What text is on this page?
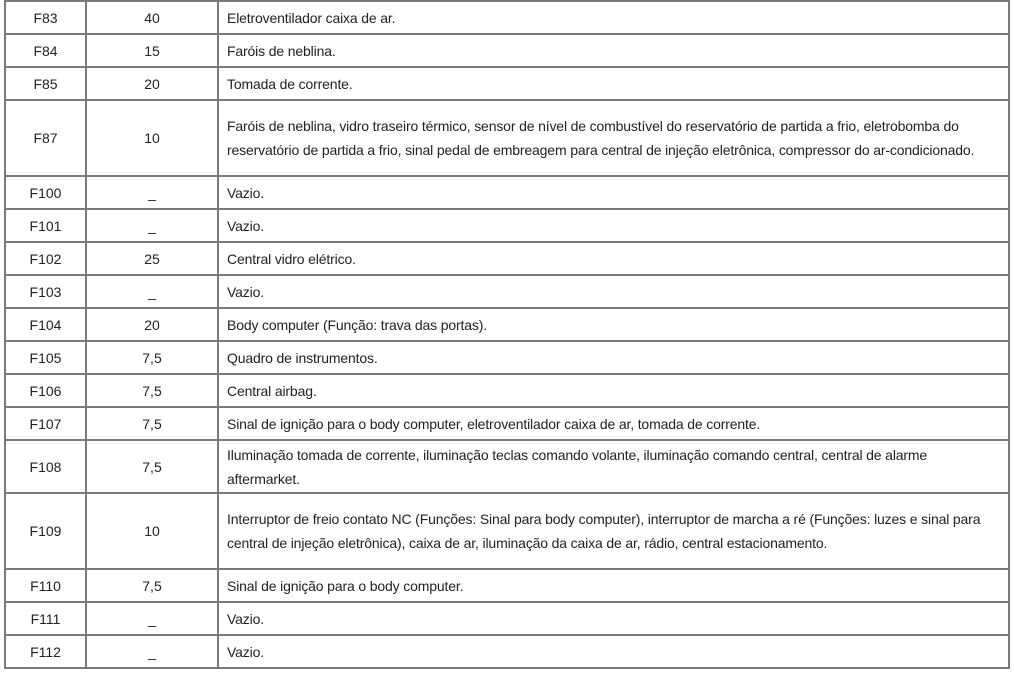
F83	40	Eletroventilador caixa de ar.
F84	15	Faróis de neblina.
F85	20	Tomada de corrente.
F87	10	Faróis de neblina, vidro traseiro térmico, sensor de nível de combustível do reservatório de partida a frio, eletrobomba do reservatório de partida a frio, sinal pedal de embreagem para central de injeção eletrônica, compressor do ar-condicionado.
F100	_	Vazio.
F101	_	Vazio.
F102	25	Central vidro elétrico.
F103	_	Vazio.
F104	20	Body computer (Função: trava das portas).
F105	7,5	Quadro de instrumentos.
F106	7,5	Central airbag.
F107	7,5	Sinal de ignição para o body computer, eletroventilador caixa de ar, tomada de corrente.
F108	7,5	Iluminação tomada de corrente, iluminação teclas comando volante, iluminação comando central, central de alarme aftermarket.
F109	10	Interruptor de freio contato NC (Funções: Sinal para body computer), interruptor de marcha a ré (Funções: luzes e sinal para central de injeção eletrônica), caixa de ar, iluminação da caixa de ar, rádio, central estacionamento.
F110	7,5	Sinal de ignição para o body computer.
F111	_	Vazio.
F112	_	Vazio.
